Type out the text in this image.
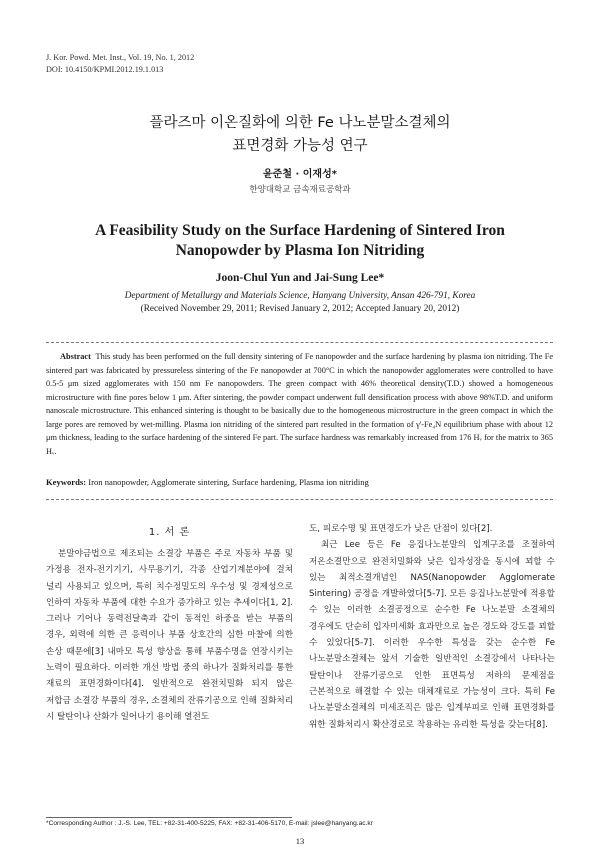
J. Kor. Powd. Met. Inst., Vol. 19, No. 1, 2012
DOI: 10.4150/KPMI.2012.19.1.013
플라즈마 이온질화에 의한 Fe 나노분말소결체의
표면경화 가능성 연구
윤준철 · 이재성*
한양대학교 금속재료공학과
A Feasibility Study on the Surface Hardening of Sintered Iron
Nanopowder by Plasma Ion Nitriding
Joon-Chul Yun and Jai-Sung Lee*
Department of Metallurgy and Materials Science, Hanyang University, Ansan 426-791, Korea
(Received November 29, 2011; Revised January 2, 2012; Accepted January 20, 2012)
Abstract This study has been performed on the full density sintering of Fe nanopowder and the surface hardening by plasma ion nitriding. The Fe sintered part was fabricated by pressureless sintering of the Fe nanopowder at 700°C in which the nanopowder agglomerates were controlled to have 0.5-5 μm sized agglomerates with 150 nm Fe nanopowders. The green compact with 46% theoretical density(T.D.) showed a homogeneous microstructure with fine pores below 1 μm. After sintering, the powder compact underwent full densification process with above 98%T.D. and uniform nanoscale microstructure. This enhanced sintering is thought to be basically due to the homogeneous microstructure in the green compact in which the large pores are removed by wet-milling. Plasma ion nitriding of the sintered part resulted in the formation of γ'-Fe₄N equilibrium phase with about 12 μm thickness, leading to the surface hardening of the sintered Fe part. The surface hardness was remarkably increased from 176 Hᵥ for the matrix to 365 Hᵥ.
Keywords: Iron nanopowder, Agglomerate sintering, Surface hardening, Plasma ion nitriding
1. 서 론

분말야금법으로 제조되는 소결강 부품은 주로 자동차 부품 및 가정용 전자-전기기기, 사무용기기, 각종 산업기계분야에 걸쳐 널리 사용되고 있으며, 특히 치수정밀도의 우수성 및 경제성으로 인하여 자동차 부품에 대한 수요가 증가하고 있는 추세이다[1, 2]. 그러나 기어나 동력전달축과 같이 동적인 하중을 받는 부품의 경우, 외력에 의한 큰 응력이나 부품 상호간의 심한 마찰에 의한 손상 때문에[3] 내마모 특성 향상을 통해 부품수명을 연장시키는 노력이 필요하다. 이러한 개선 방법 중의 하나가 질화처리를 통한 재료의 표면경화이다[4]. 일반적으로 완전치밀화 되지 않은 저합금 소결강 부품의 경우, 소결체의 잔류기공으로 인해 질화처리 시 탈탄이나 산화가 일어나기 용이해 열전도

도, 피로수명 및 표면경도가 낮은 단점이 있다[2].

최근 Lee 등은 Fe 응집나노분말의 입계구조를 조절하여 저온소결만으로 완전치밀화와 낮은 입자성장을 동시에 꾀할 수 있는 최적소결개념인 NAS(Nanopowder Agglomerate Sintering) 공정을 개발하였다[5-7]. 모든 응집나노분말에 적용할 수 있는 이러한 소결공정으로 순수한 Fe 나노분말 소결체의 경우에도 단순히 입자미세화 효과만으로 높은 경도와 강도를 꾀할 수 있었다[5-7]. 이러한 우수한 특성을 갖는 순수한 Fe 나노분말소결체는 앞서 기술한 일반적인 소결강에서 나타나는 탈탄이나 잔류기공으로 인한 표면특성 저하의 문제점을 근본적으로 해결할 수 있는 대체재료로 가능성이 크다. 특히 Fe 나노분말소결체의 미세조직은 많은 입계부피로 인해 표면경화를 위한 질화처리시 확산경로로 작용하는 유리한 특성을 갖는다[8].

*Corresponding Author : J.-S. Lee, TEL: +82-31-400-5225, FAX: +82-31-406-5170, E-mail: jslee@hanyang.ac.kr
13
